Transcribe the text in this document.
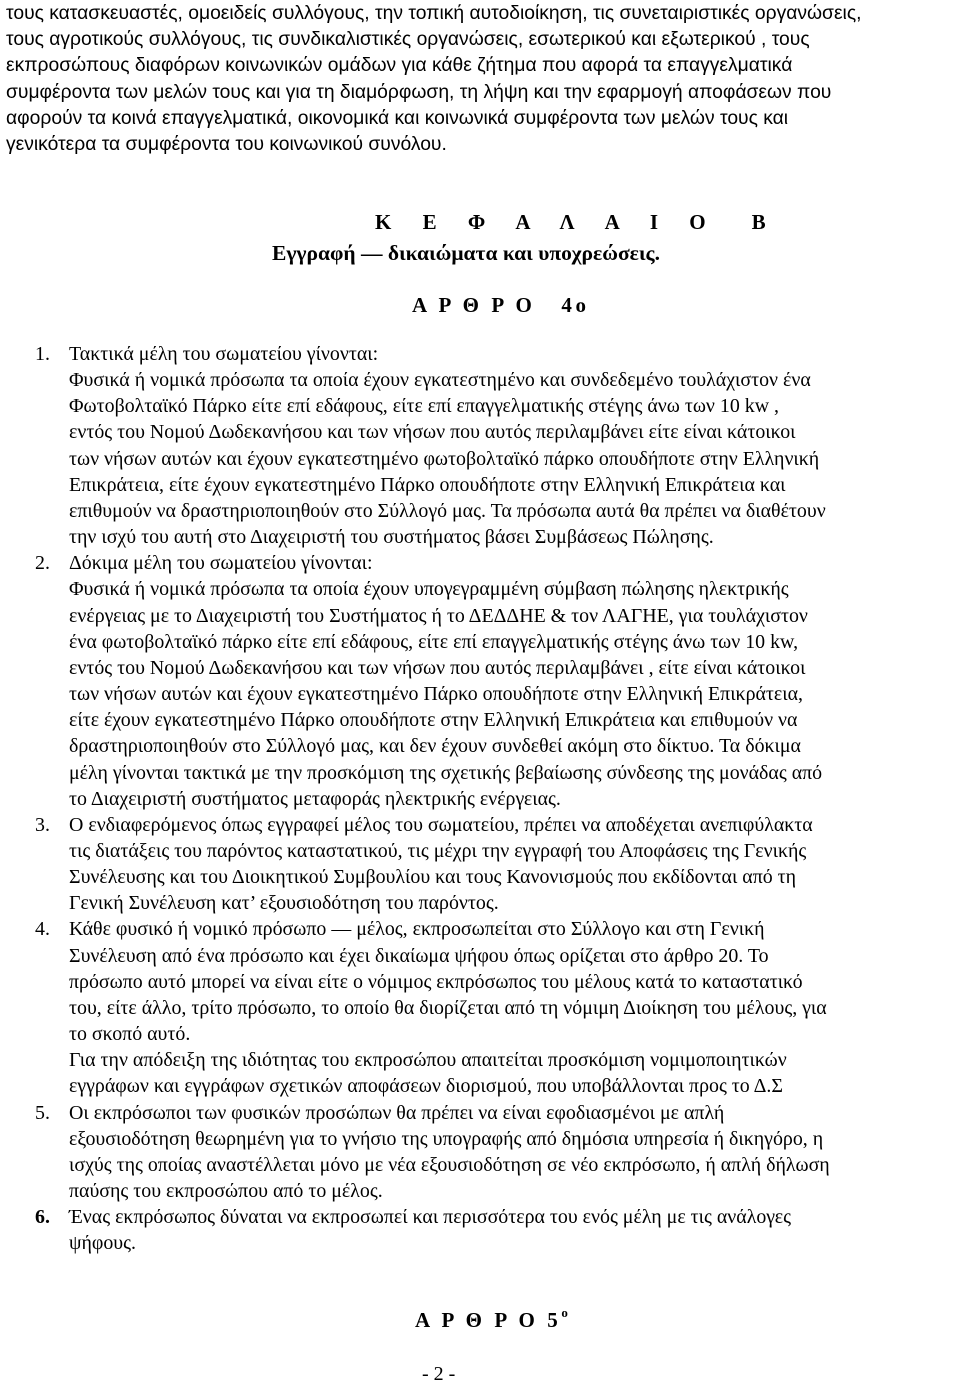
τους κατασκευαστές, ομοειδείς συλλόγους, την τοπική αυτοδιοίκηση, τις συνεταιριστικές οργανώσεις,
τους αγροτικούς συλλόγους, τις συνδικαλιστικές οργανώσεις, εσωτερικού και εξωτερικού , τους
εκπροσώπους διαφόρων κοινωνικών ομάδων για κάθε ζήτημα που αφορά τα επαγγελματικά
συμφέροντα των μελών τους και για τη διαμόρφωση, τη λήψη και την εφαρμογή αποφάσεων που
αφορούν τα κοινά επαγγελματικά, οικονομικά και κοινωνικά συμφέροντα των μελών τους και
γενικότερα τα συμφέροντα του κοινωνικού συνόλου.
Κ Ε Φ Α Λ Α Ι Ο Β
Εγγραφή — δικαιώματα και υποχρεώσεις.
Α Ρ Θ Ρ Ο 4ο
1. Τακτικά μέλη του σωματείου γίνονται:
Φυσικά ή νομικά πρόσωπα τα οποία έχουν εγκατεστημένο και συνδεδεμένο τουλάχιστον ένα
Φωτοβολταϊκό Πάρκο είτε επί εδάφους, είτε επί επαγγελματικής στέγης άνω των 10 kw ,
εντός του Νομού Δωδεκανήσου και των νήσων που αυτός περιλαμβάνει είτε είναι κάτοικοι
των νήσων αυτών και έχουν εγκατεστημένο φωτοβολταϊκό πάρκο οπουδήποτε στην Ελληνική
Επικράτεια, είτε έχουν εγκατεστημένο Πάρκο οπουδήποτε στην Ελληνική Επικράτεια και
επιθυμούν να δραστηριοποιηθούν στο Σύλλογό μας. Τα πρόσωπα αυτά θα πρέπει να διαθέτουν
την ισχύ του αυτή στο Διαχειριστή του συστήματος βάσει Συμβάσεως Πώλησης.
2. Δόκιμα μέλη του σωματείου γίνονται:
Φυσικά ή νομικά πρόσωπα τα οποία έχουν υπογεγραμμένη σύμβαση πώλησης ηλεκτρικής
ενέργειας με το Διαχειριστή του Συστήματος ή το ΔΕΔΔΗΕ & τον ΛΑΓΗΕ, για τουλάχιστον
ένα φωτοβολταϊκό πάρκο είτε επί εδάφους, είτε επί επαγγελματικής στέγης άνω των 10 kw,
εντός του Νομού Δωδεκανήσου και των νήσων που αυτός περιλαμβάνει , είτε είναι κάτοικοι
των νήσων αυτών και έχουν εγκατεστημένο Πάρκο οπουδήποτε στην Ελληνική Επικράτεια,
είτε έχουν εγκατεστημένο Πάρκο οπουδήποτε στην Ελληνική Επικράτεια και επιθυμούν να
δραστηριοποιηθούν στο Σύλλογό μας, και δεν έχουν συνδεθεί ακόμη στο δίκτυο. Τα δόκιμα
μέλη γίνονται τακτικά με την προσκόμιση της σχετικής βεβαίωσης σύνδεσης της μονάδας από
το Διαχειριστή συστήματος μεταφοράς ηλεκτρικής ενέργειας.
3. Ο ενδιαφερόμενος όπως εγγραφεί μέλος του σωματείου, πρέπει να αποδέχεται ανεπιφύλακτα
τις διατάξεις του παρόντος καταστατικού, τις μέχρι την εγγραφή του Αποφάσεις της Γενικής
Συνέλευσης και του Διοικητικού Συμβουλίου και τους Κανονισμούς που εκδίδονται από τη
Γενική Συνέλευση κατ’ εξουσιοδότηση του παρόντος.
4. Κάθε φυσικό ή νομικό πρόσωπο — μέλος, εκπροσωπείται στο Σύλλογο και στη Γενική
Συνέλευση από ένα πρόσωπο και έχει δικαίωμα ψήφου όπως ορίζεται στο άρθρο 20. Το
πρόσωπο αυτό μπορεί να είναι είτε ο νόμιμος εκπρόσωπος του μέλους κατά το καταστατικό
του, είτε άλλο, τρίτο πρόσωπο, το οποίο θα διορίζεται από τη νόμιμη Διοίκηση του μέλους, για
το σκοπό αυτό.
Για την απόδειξη της ιδιότητας του εκπροσώπου απαιτείται προσκόμιση νομιμοποιητικών
εγγράφων και εγγράφων σχετικών αποφάσεων διορισμού, που υποβάλλονται προς το Δ.Σ
5. Οι εκπρόσωποι των φυσικών προσώπων θα πρέπει να είναι εφοδιασμένοι με απλή
εξουσιοδότηση θεωρημένη για το γνήσιο της υπογραφής από δημόσια υπηρεσία ή δικηγόρο, η
ισχύς της οποίας αναστέλλεται μόνο με νέα εξουσιοδότηση σε νέο εκπρόσωπο, ή απλή δήλωση
παύσης του εκπροσώπου από το μέλος.
6. Ένας εκπρόσωπος δύναται να εκπροσωπεί και περισσότερα του ενός μέλη με τις ανάλογες
ψήφους.
Α Ρ Θ Ρ Ο $5^o$
- 2 -
